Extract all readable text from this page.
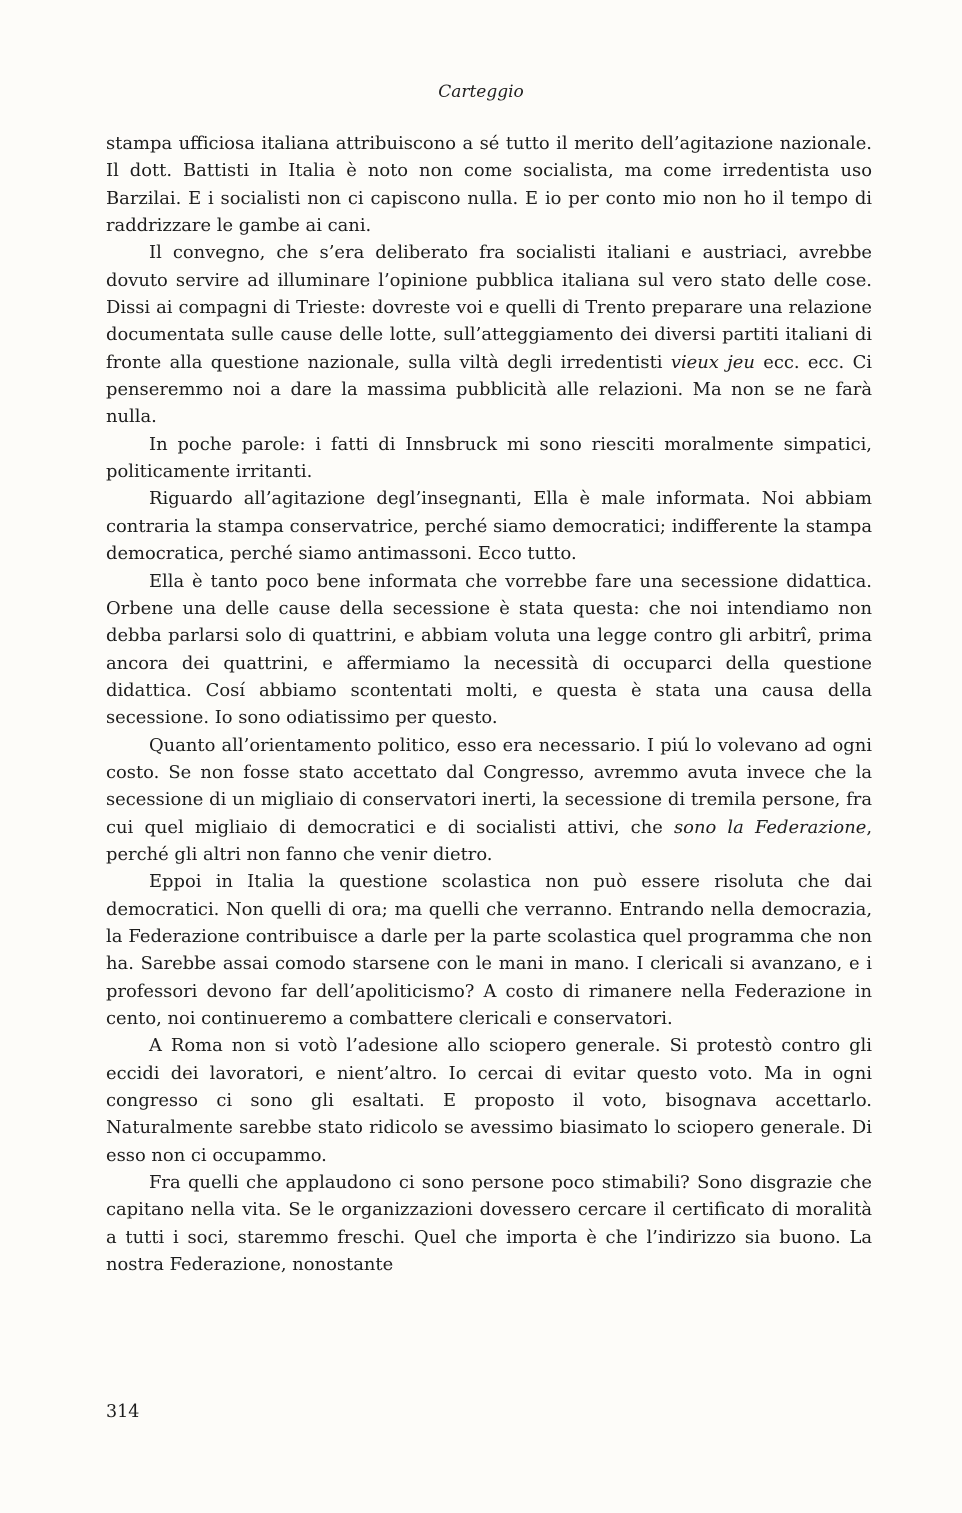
Carteggio

stampa ufficiosa italiana attribuiscono a sé tutto il merito dell’agitazione nazionale. Il dott. Battisti in Italia è noto non come socialista, ma come irredentista uso Barzilai. E i socialisti non ci capiscono nulla. E io per conto mio non ho il tempo di raddrizzare le gambe ai cani.

Il convegno, che s’era deliberato fra socialisti italiani e austriaci, avrebbe dovuto servire ad illuminare l’opinione pubblica italiana sul vero stato delle cose. Dissi ai compagni di Trieste: dovreste voi e quelli di Trento preparare una relazione documentata sulle cause delle lotte, sull’atteggiamento dei diversi partiti italiani di fronte alla questione nazionale, sulla viltà degli irredentisti vieux jeu ecc. ecc. Ci penseremmo noi a dare la massima pubblicità alle relazioni. Ma non se ne farà nulla.

In poche parole: i fatti di Innsbruck mi sono riesciti moralmente simpatici, politicamente irritanti.

Riguardo all’agitazione degl’insegnanti, Ella è male informata. Noi abbiam contraria la stampa conservatrice, perché siamo democratici; indifferente la stampa democratica, perché siamo antimassoni. Ecco tutto.

Ella è tanto poco bene informata che vorrebbe fare una secessione didattica. Orbene una delle cause della secessione è stata questa: che noi intendiamo non debba parlarsi solo di quattrini, e abbiam voluta una legge contro gli arbitrî, prima ancora dei quattrini, e affermiamo la necessità di occuparci della questione didattica. Cosí abbiamo scontentati molti, e questa è stata una causa della secessione. Io sono odiatissimo per questo.

Quanto all’orientamento politico, esso era necessario. I piú lo volevano ad ogni costo. Se non fosse stato accettato dal Congresso, avremmo avuta invece che la secessione di un migliaio di conservatori inerti, la secessione di tremila persone, fra cui quel migliaio di democratici e di socialisti attivi, che sono la Federazione, perché gli altri non fanno che venir dietro.

Eppoi in Italia la questione scolastica non può essere risoluta che dai democratici. Non quelli di ora; ma quelli che verranno. Entrando nella democrazia, la Federazione contribuisce a darle per la parte scolastica quel programma che non ha. Sarebbe assai comodo starsene con le mani in mano. I clericali si avanzano, e i professori devono far dell’apoliticismo? A costo di rimanere nella Federazione in cento, noi continueremo a combattere clericali e conservatori.

A Roma non si votò l’adesione allo sciopero generale. Si protestò contro gli eccidi dei lavoratori, e nient’altro. Io cercai di evitar questo voto. Ma in ogni congresso ci sono gli esaltati. E proposto il voto, bisognava accettarlo. Naturalmente sarebbe stato ridicolo se avessimo biasimato lo sciopero generale. Di esso non ci occupammo.

Fra quelli che applaudono ci sono persone poco stimabili? Sono disgrazie che capitano nella vita. Se le organizzazioni dovessero cercare il certificato di moralità a tutti i soci, staremmo freschi. Quel che importa è che l’indirizzo sia buono. La nostra Federazione, nonostante

314
